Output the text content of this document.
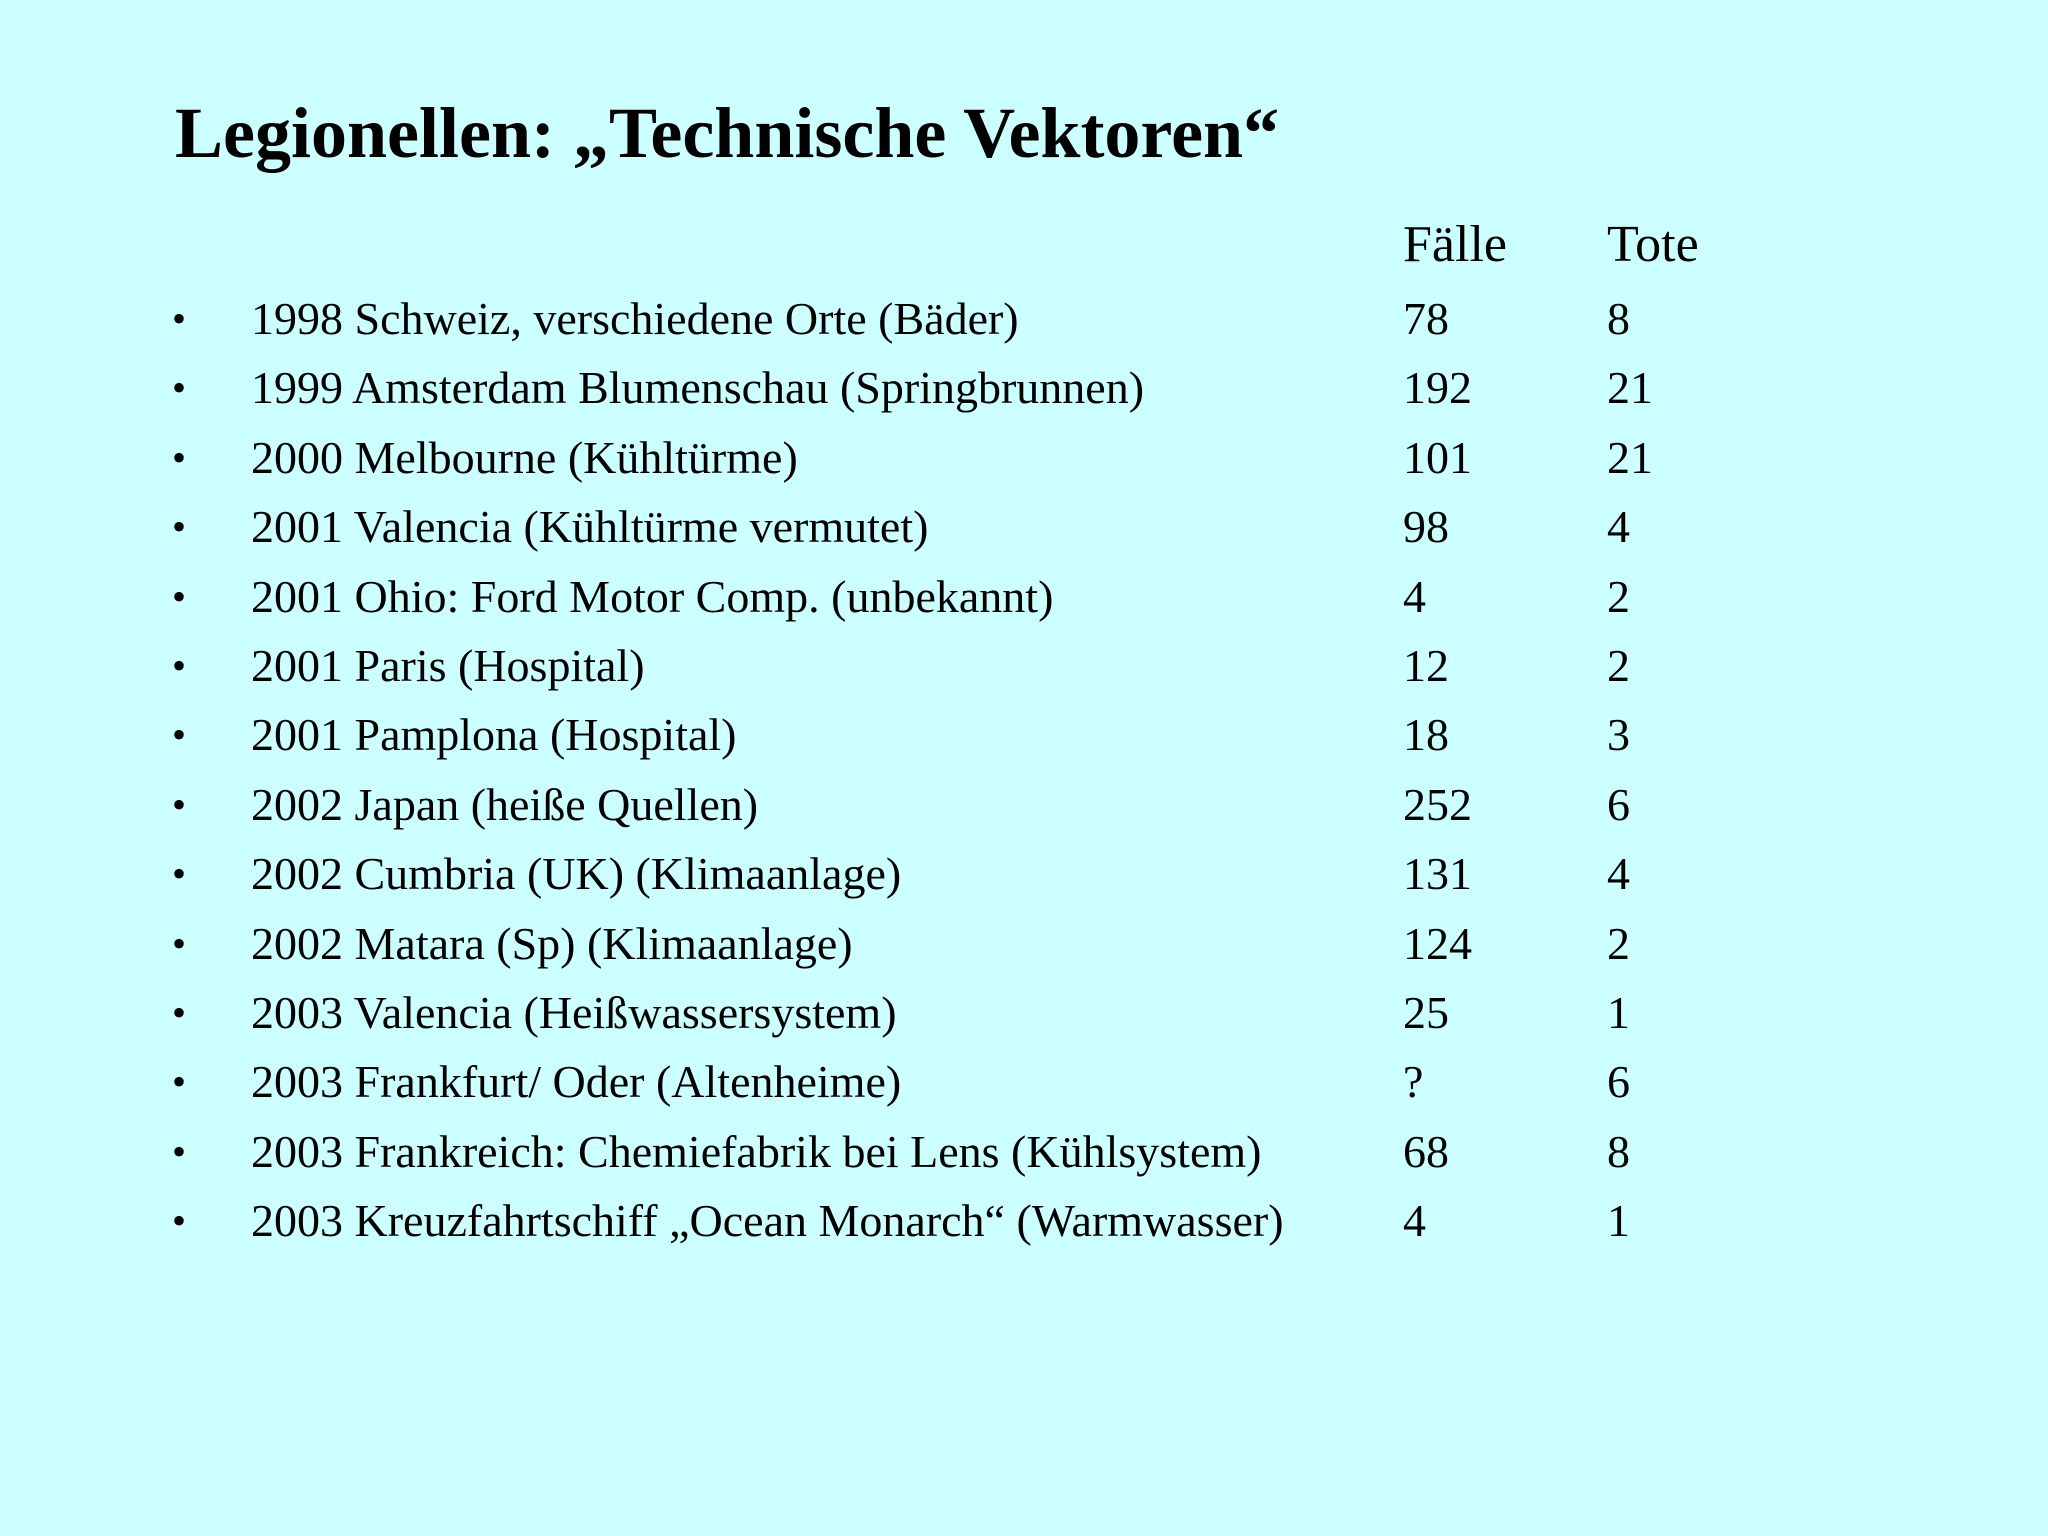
Legionellen: „Technische Vektoren“
Fälle Tote
• 1998 Schweiz, verschiedene Orte (Bäder)	78	8
• 1999 Amsterdam Blumenschau (Springbrunnen)	192	21
• 2000 Melbourne (Kühltürme)	101	21
• 2001 Valencia (Kühltürme vermutet)	98	4
• 2001 Ohio: Ford Motor Comp. (unbekannt)	4	2
• 2001 Paris (Hospital)	12	2
• 2001 Pamplona (Hospital)	18	3
• 2002 Japan (heiße Quellen)	252	6
• 2002 Cumbria (UK) (Klimaanlage)	131	4
• 2002 Matara (Sp) (Klimaanlage)	124	2
• 2003 Valencia (Heißwassersystem)	25	1
• 2003 Frankfurt/ Oder (Altenheime)	?	6
• 2003 Frankreich: Chemiefabrik bei Lens (Kühlsystem)	68	8
• 2003 Kreuzfahrtschiff „Ocean Monarch“ (Warmwasser)	4	1
